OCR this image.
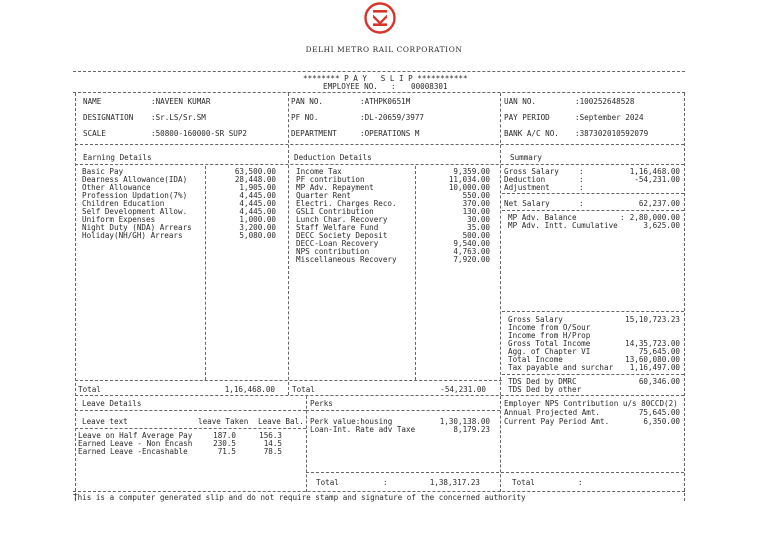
DELHI METRO RAIL CORPORATION
******** P A Y   S L I P ***********
EMPLOYEE NO. : 00008301
NAME	:NAVEEN KUMAR
DESIGNATION :Sr.LS/Sr.SM
SCALE	:50800-160000-SR SUP2
PAN NO.	:ATHPK0651M
PF NO.	:DL-20659/3977
DEPARTMENT	:OPERATIONS M
UAN NO.	:100252648528
PAY PERIOD	:September 2024
BANK A/C NO. :387302010592079
Earning Details	Deduction Details	Summary
Basic Pay	63,500.00
Dearness Allowance(IDA)	28,448.00
Other Allowance	1,905.00
Profession Updation(7%)	4,445.00
Children Education	4,445.00
Self Development Allow.	4,445.00
Uniform Expenses	1,000.00
Night Duty (NDA) Arrears	3,200.00
Holiday(NH/GH) Arrears	5,080.00
Income Tax	9,359.00
PF contribution	11,034.00
MP Adv. Repayment	10,000.00
Quarter Rent	550.00
Electri. Charges Reco.	370.00
GSLI Contribution	130.00
Lunch Char. Recovery	30.00
Staff Welfare Fund	35.00
DECC Society Deposit	500.00
DECC-Loan Recovery	9,540.00
NPS contribution	4,763.00
Miscellaneous Recovery	7,920.00
Gross Salary	:	1,16,468.00
Deduction	:	-54,231.00
Adjustment	:
Net Salary	:	62,237.00
MP Adv. Balance	: 2,80,000.00
MP Adv. Intt. Cumulative	3,625.00
Gross Salary	15,10,723.23
Income from O/Sour
Income from H/Prop
Gross Total Income	14,35,723.00
Agg. of Chapter VI	75,645.00
Total Income	13,60,080.00
Tax payable and surchar	1,16,497.00
TDS Ded by DMRC	60,346.00
TDS Ded by other
Total	1,16,468.00 Total	-54,231.00
Leave Details
Leave text	leave Taken Leave Bal.
Leave on Half Average Pay	187.0	156.3
Earned Leave - Non Encash	230.5	14.5
Earned Leave -Encashable	71.5	78.5
Perks
Perk value:housing	1,30,138.00
Loan-Int. Rate adv Taxe	8,179.23
Employer NPS Contribution u/s 80CCD(2)
Annual Projected Amt.	75,645.00
Current Pay Period Amt.	6,350.00
Total	:	1,38,317.23	Total	:
This is a computer generated slip and do not require stamp and signature of the concerned authority
